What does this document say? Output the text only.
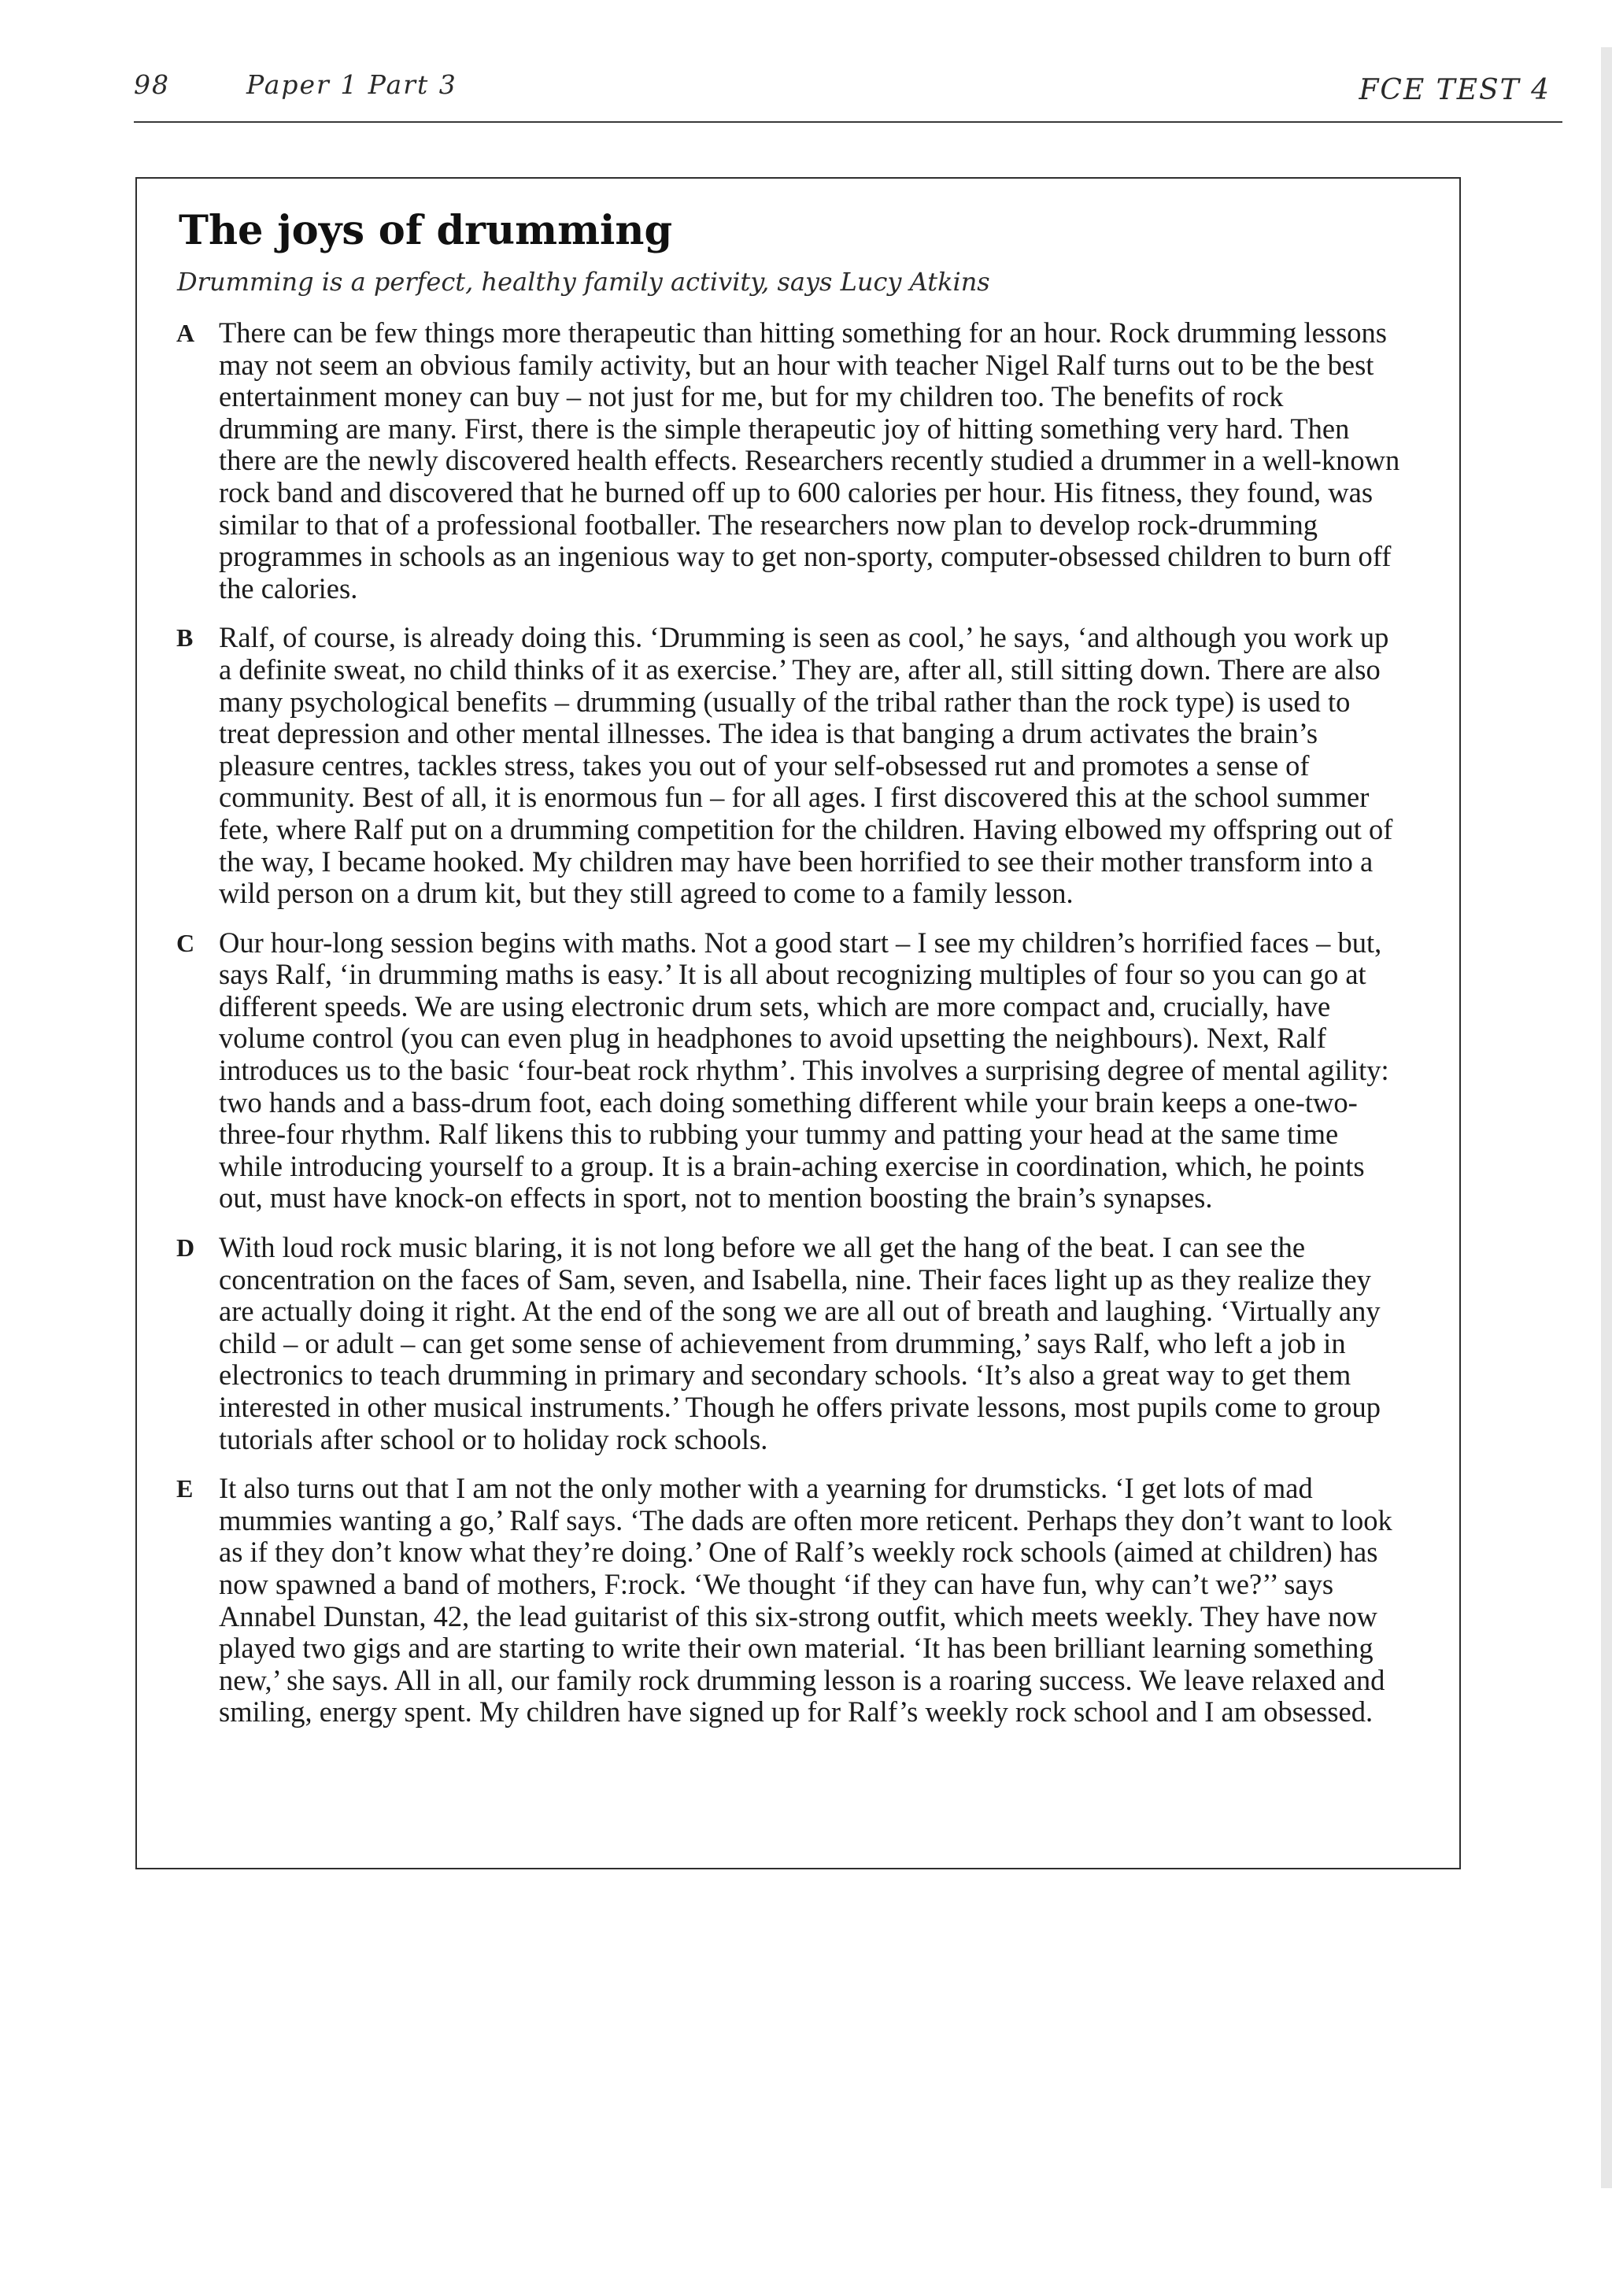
98	Paper 1 Part 3	FCE TEST 4
The joys of drumming
Drumming is a perfect, healthy family activity, says Lucy Atkins
A There can be few things more therapeutic than hitting something for an hour. Rock drumming lessons may not seem an obvious family activity, but an hour with teacher Nigel Ralf turns out to be the best entertainment money can buy – not just for me, but for my children too. The benefits of rock drumming are many. First, there is the simple therapeutic joy of hitting something very hard. Then there are the newly discovered health effects. Researchers recently studied a drummer in a well-known rock band and discovered that he burned off up to 600 calories per hour. His fitness, they found, was similar to that of a professional footballer. The researchers now plan to develop rock-drumming programmes in schools as an ingenious way to get non-sporty, computer-obsessed children to burn off the calories.

B Ralf, of course, is already doing this. ‘Drumming is seen as cool,’ he says, ‘and although you work up a definite sweat, no child thinks of it as exercise.’ They are, after all, still sitting down. There are also many psychological benefits – drumming (usually of the tribal rather than the rock type) is used to treat depression and other mental illnesses. The idea is that banging a drum activates the brain’s pleasure centres, tackles stress, takes you out of your self-obsessed rut and promotes a sense of community. Best of all, it is enormous fun – for all ages. I first discovered this at the school summer fete, where Ralf put on a drumming competition for the children. Having elbowed my offspring out of the way, I became hooked. My children may have been horrified to see their mother transform into a wild person on a drum kit, but they still agreed to come to a family lesson.

C Our hour-long session begins with maths. Not a good start – I see my children’s horrified faces – but, says Ralf, ‘in drumming maths is easy.’ It is all about recognizing multiples of four so you can go at different speeds. We are using electronic drum sets, which are more compact and, crucially, have volume control (you can even plug in headphones to avoid upsetting the neighbours). Next, Ralf introduces us to the basic ‘four-beat rock rhythm’. This involves a surprising degree of mental agility: two hands and a bass-drum foot, each doing something different while your brain keeps a one-two-three-four rhythm. Ralf likens this to rubbing your tummy and patting your head at the same time while introducing yourself to a group. It is a brain-aching exercise in coordination, which, he points out, must have knock-on effects in sport, not to mention boosting the brain’s synapses.

D With loud rock music blaring, it is not long before we all get the hang of the beat. I can see the concentration on the faces of Sam, seven, and Isabella, nine. Their faces light up as they realize they are actually doing it right. At the end of the song we are all out of breath and laughing. ‘Virtually any child – or adult – can get some sense of achievement from drumming,’ says Ralf, who left a job in electronics to teach drumming in primary and secondary schools. ‘It’s also a great way to get them interested in other musical instruments.’ Though he offers private lessons, most pupils come to group tutorials after school or to holiday rock schools.

E It also turns out that I am not the only mother with a yearning for drumsticks. ‘I get lots of mad mummies wanting a go,’ Ralf says. ‘The dads are often more reticent. Perhaps they don’t want to look as if they don’t know what they’re doing.’ One of Ralf’s weekly rock schools (aimed at children) has now spawned a band of mothers, F:rock. ‘We thought ‘if they can have fun, why can’t we?’’ says Annabel Dunstan, 42, the lead guitarist of this six-strong outfit, which meets weekly. They have now played two gigs and are starting to write their own material. ‘It has been brilliant learning something new,’ she says. All in all, our family rock drumming lesson is a roaring success. We leave relaxed and smiling, energy spent. My children have signed up for Ralf’s weekly rock school and I am obsessed.
